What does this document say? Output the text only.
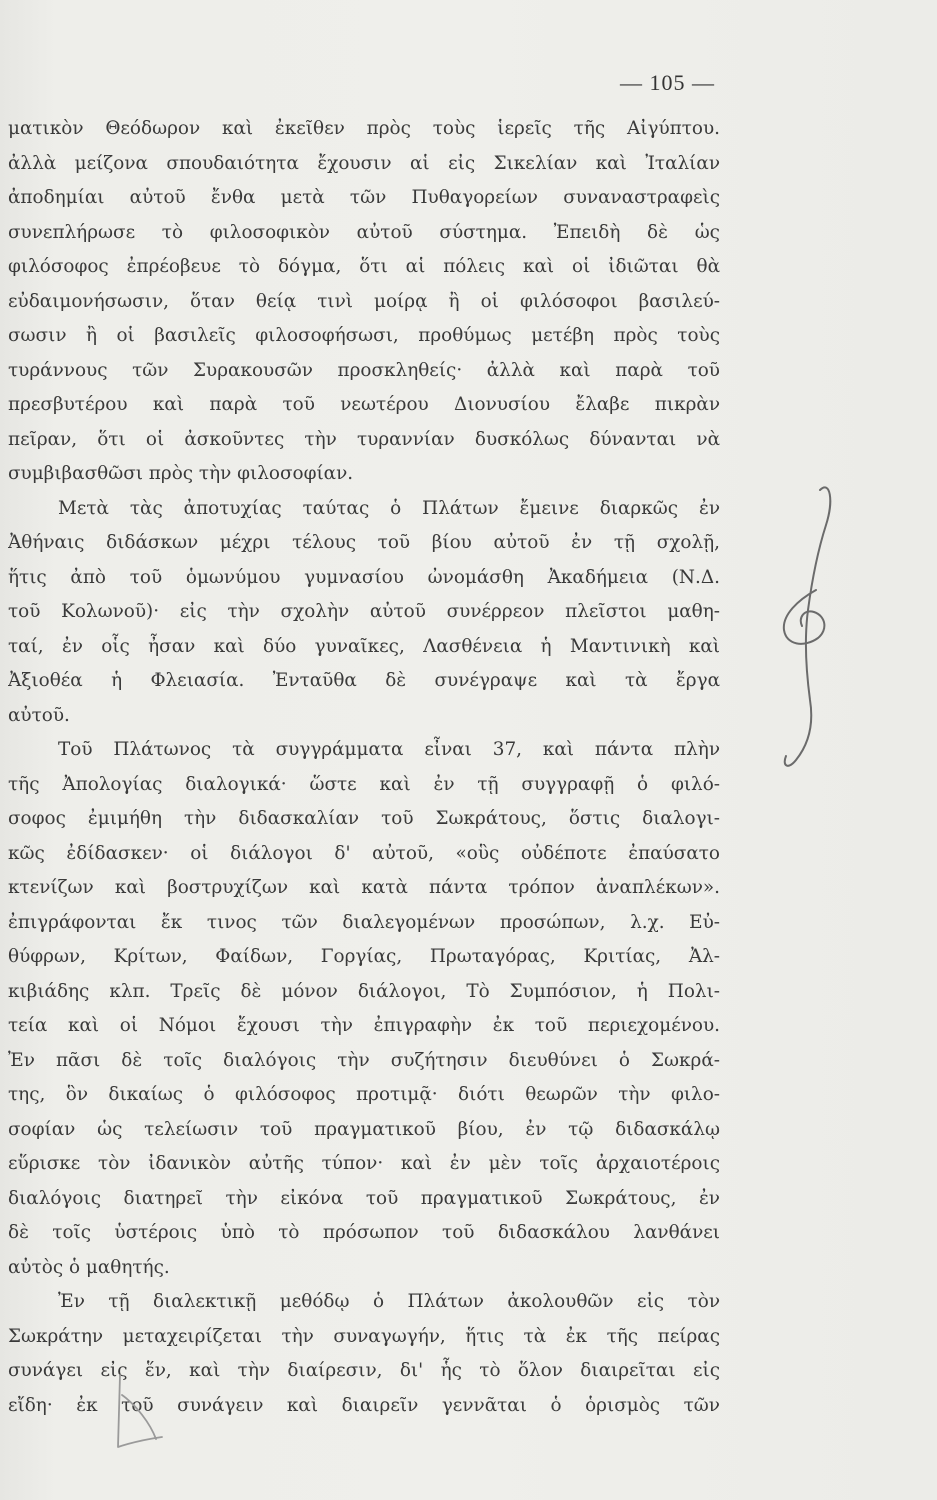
— 105 —
ματικὸν Θεόδωρον καὶ ἐκεῖθεν πρὸς τοὺς ἱερεῖς τῆς Αἰγύπτου.
ἀλλὰ μείζονα σπουδαιότητα ἔχουσιν αἱ εἰς Σικελίαν καὶ Ἰταλίαν
ἀποδημίαι αὐτοῦ ἔνθα μετὰ τῶν Πυθαγορείων συναναστραφεὶς
συνεπλήρωσε τὸ φιλοσοφικὸν αὐτοῦ σύστημα. Ἐπειδὴ δὲ ὡς
φιλόσοφος ἐπρέοβευε τὸ δόγμα, ὅτι αἱ πόλεις καὶ οἱ ἰδιῶται θὰ
εὐδαιμονήσωσιν, ὅταν θείᾳ τινὶ μοίρᾳ ἢ οἱ φιλόσοφοι βασιλεύ-
σωσιν ἢ οἱ βασιλεῖς φιλοσοφήσωσι, προθύμως μετέβη πρὸς τοὺς
τυράννους τῶν Συρακουσῶν προσκληθείς· ἀλλὰ καὶ παρὰ τοῦ
πρεσβυτέρου καὶ παρὰ τοῦ νεωτέρου Διονυσίου ἔλαβε πικρὰν
πεῖραν, ὅτι οἱ ἀσκοῦντες τὴν τυραννίαν δυσκόλως δύνανται νὰ
συμβιβασθῶσι πρὸς τὴν φιλοσοφίαν.
Μετὰ τὰς ἀποτυχίας ταύτας ὁ Πλάτων ἔμεινε διαρκῶς ἐν
Ἀθήναις διδάσκων μέχρι τέλους τοῦ βίου αὐτοῦ ἐν τῇ σχολῇ,
ἥτις ἀπὸ τοῦ ὁμωνύμου γυμνασίου ὠνομάσθη Ἀκαδήμεια (Ν.Δ.
τοῦ Κολωνοῦ)· εἰς τὴν σχολὴν αὐτοῦ συνέρρεον πλεῖστοι μαθη-
ταί, ἐν οἷς ἦσαν καὶ δύο γυναῖκες, Λασθένεια ἡ Μαντινικὴ καὶ
Ἀξιοθέα ἡ Φλειασία. Ἐνταῦθα δὲ συνέγραψε καὶ τὰ ἔργα
αὐτοῦ.
Τοῦ Πλάτωνος τὰ συγγράμματα εἶναι 37, καὶ πάντα πλὴν
τῆς Ἀπολογίας διαλογικά· ὥστε καὶ ἐν τῇ συγγραφῇ ὁ φιλό-
σοφος ἐμιμήθη τὴν διδασκαλίαν τοῦ Σωκράτους, ὅστις διαλογι-
κῶς ἐδίδασκεν· οἱ διάλογοι δ' αὐτοῦ, «οὓς οὐδέποτε ἐπαύσατο
κτενίζων καὶ βοστρυχίζων καὶ κατὰ πάντα τρόπον ἀναπλέκων».
ἐπιγράφονται ἔκ τινος τῶν διαλεγομένων προσώπων, λ.χ. Εὐ-
θύφρων, Κρίτων, Φαίδων, Γοργίας, Πρωταγόρας, Κριτίας, Ἀλ-
κιβιάδης κλπ. Τρεῖς δὲ μόνον διάλογοι, Τὸ Συμπόσιον, ἡ Πολι-
τεία καὶ οἱ Νόμοι ἔχουσι τὴν ἐπιγραφὴν ἐκ τοῦ περιεχομένου.
Ἐν πᾶσι δὲ τοῖς διαλόγοις τὴν συζήτησιν διευθύνει ὁ Σωκρά-
της, ὃν δικαίως ὁ φιλόσοφος προτιμᾷ· διότι θεωρῶν τὴν φιλο-
σοφίαν ὡς τελείωσιν τοῦ πραγματικοῦ βίου, ἐν τῷ διδασκάλῳ
εὕρισκε τὸν ἰδανικὸν αὐτῆς τύπον· καὶ ἐν μὲν τοῖς ἀρχαιοτέροις
διαλόγοις διατηρεῖ τὴν εἰκόνα τοῦ πραγματικοῦ Σωκράτους, ἐν
δὲ τοῖς ὑστέροις ὑπὸ τὸ πρόσωπον τοῦ διδασκάλου λανθάνει
αὐτὸς ὁ μαθητής.
Ἐν τῇ διαλεκτικῇ μεθόδῳ ὁ Πλάτων ἀκολουθῶν εἰς τὸν
Σωκράτην μεταχειρίζεται τὴν συναγωγήν, ἥτις τὰ ἐκ τῆς πείρας
συνάγει εἰς ἕν, καὶ τὴν διαίρεσιν, δι' ἧς τὸ ὅλον διαιρεῖται εἰς
εἴδη· ἐκ τοῦ συνάγειν καὶ διαιρεῖν γεννᾶται ὁ ὁρισμὸς τῶν
